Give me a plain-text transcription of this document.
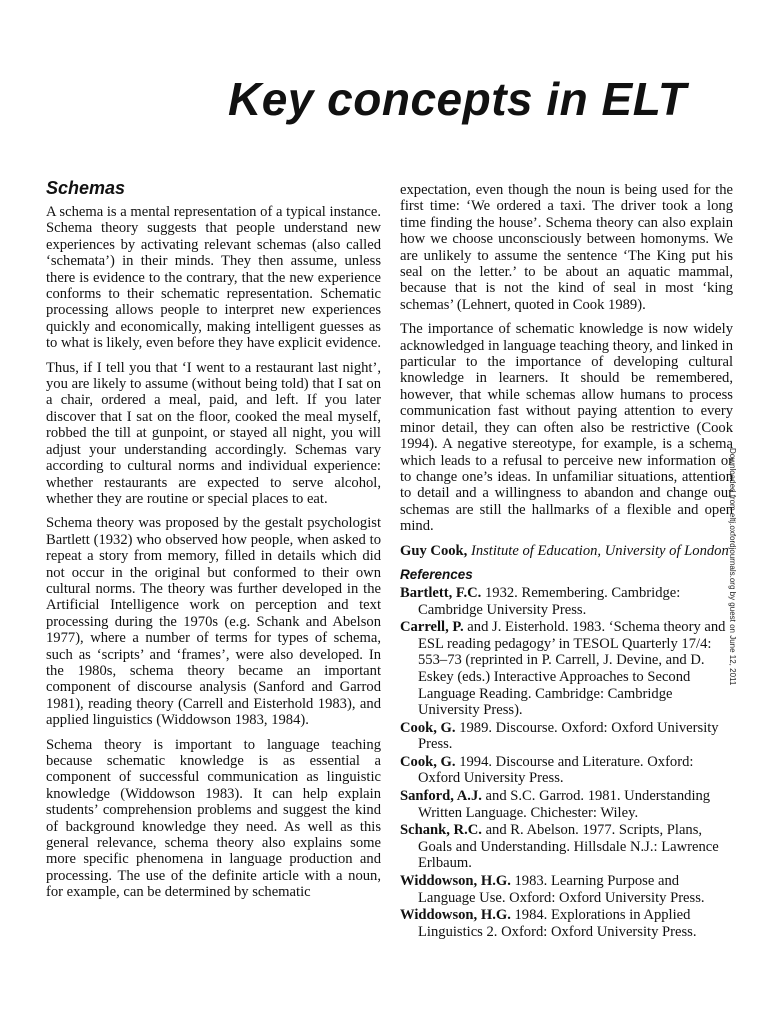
Key concepts in ELT
Schemas

A schema is a mental representation of a typical instance. Schema theory suggests that people understand new experiences by activating relevant schemas (also called ‘schemata’) in their minds. They then assume, unless there is evidence to the contrary, that the new experience conforms to their schematic representation. Schematic processing allows people to interpret new experiences quickly and economically, making intelligent guesses as to what is likely, even before they have explicit evidence.

Thus, if I tell you that ‘I went to a restaurant last night’, you are likely to assume (without being told) that I sat on a chair, ordered a meal, paid, and left. If you later discover that I sat on the floor, cooked the meal myself, robbed the till at gunpoint, or stayed all night, you will adjust your understanding accordingly. Schemas vary according to cultural norms and individual experience: whether restaurants are expected to serve alcohol, whether they are routine or special places to eat.

Schema theory was proposed by the gestalt psychologist Bartlett (1932) who observed how people, when asked to repeat a story from memory, filled in details which did not occur in the original but conformed to their own cultural norms. The theory was further developed in the Artificial Intelligence work on perception and text processing during the 1970s (e.g. Schank and Abelson 1977), where a number of terms for types of schema, such as ‘scripts’ and ‘frames’, were also developed. In the 1980s, schema theory became an important component of discourse analysis (Sanford and Garrod 1981), reading theory (Carrell and Eisterhold 1983), and applied linguistics (Widdowson 1983, 1984).

Schema theory is important to language teaching because schematic knowledge is as essential a component of successful communication as linguistic knowledge (Widdowson 1983). It can help explain students’ comprehension problems and suggest the kind of background knowledge they need. As well as this general relevance, schema theory also explains some more specific phenomena in language production and processing. The use of the definite article with a noun, for example, can be determined by schematic

expectation, even though the noun is being used for the first time: ‘We ordered a taxi. The driver took a long time finding the house’. Schema theory can also explain how we choose unconsciously between homonyms. We are unlikely to assume the sentence ‘The King put his seal on the letter.’ to be about an aquatic mammal, because that is not the kind of seal in most ‘king schemas’ (Lehnert, quoted in Cook 1989).

The importance of schematic knowledge is now widely acknowledged in language teaching theory, and linked in particular to the importance of developing cultural knowledge in learners. It should be remembered, however, that while schemas allow humans to process communication fast without paying attention to every minor detail, they can often also be restrictive (Cook 1994). A negative stereotype, for example, is a schema which leads to a refusal to perceive new information or to change one’s ideas. In unfamiliar situations, attention to detail and a willingness to abandon and change our schemas are still the hallmarks of a flexible and open mind.

Guy Cook, Institute of Education, University of London

References
Bartlett, F.C. 1932. Remembering. Cambridge: Cambridge University Press.
Carrell, P. and J. Eisterhold. 1983. ‘Schema theory and ESL reading pedagogy’ in TESOL Quarterly 17/4: 553–73 (reprinted in P. Carrell, J. Devine, and D. Eskey (eds.) Interactive Approaches to Second Language Reading. Cambridge: Cambridge University Press).
Cook, G. 1989. Discourse. Oxford: Oxford University Press.
Cook, G. 1994. Discourse and Literature. Oxford: Oxford University Press.
Sanford, A.J. and S.C. Garrod. 1981. Understanding Written Language. Chichester: Wiley.
Schank, R.C. and R. Abelson. 1977. Scripts, Plans, Goals and Understanding. Hillsdale N.J.: Lawrence Erlbaum.
Widdowson, H.G. 1983. Learning Purpose and Language Use. Oxford: Oxford University Press.
Widdowson, H.G. 1984. Explorations in Applied Linguistics 2. Oxford: Oxford University Press.
Downloaded from eltj.oxfordjournals.org by guest on June 12, 2011
